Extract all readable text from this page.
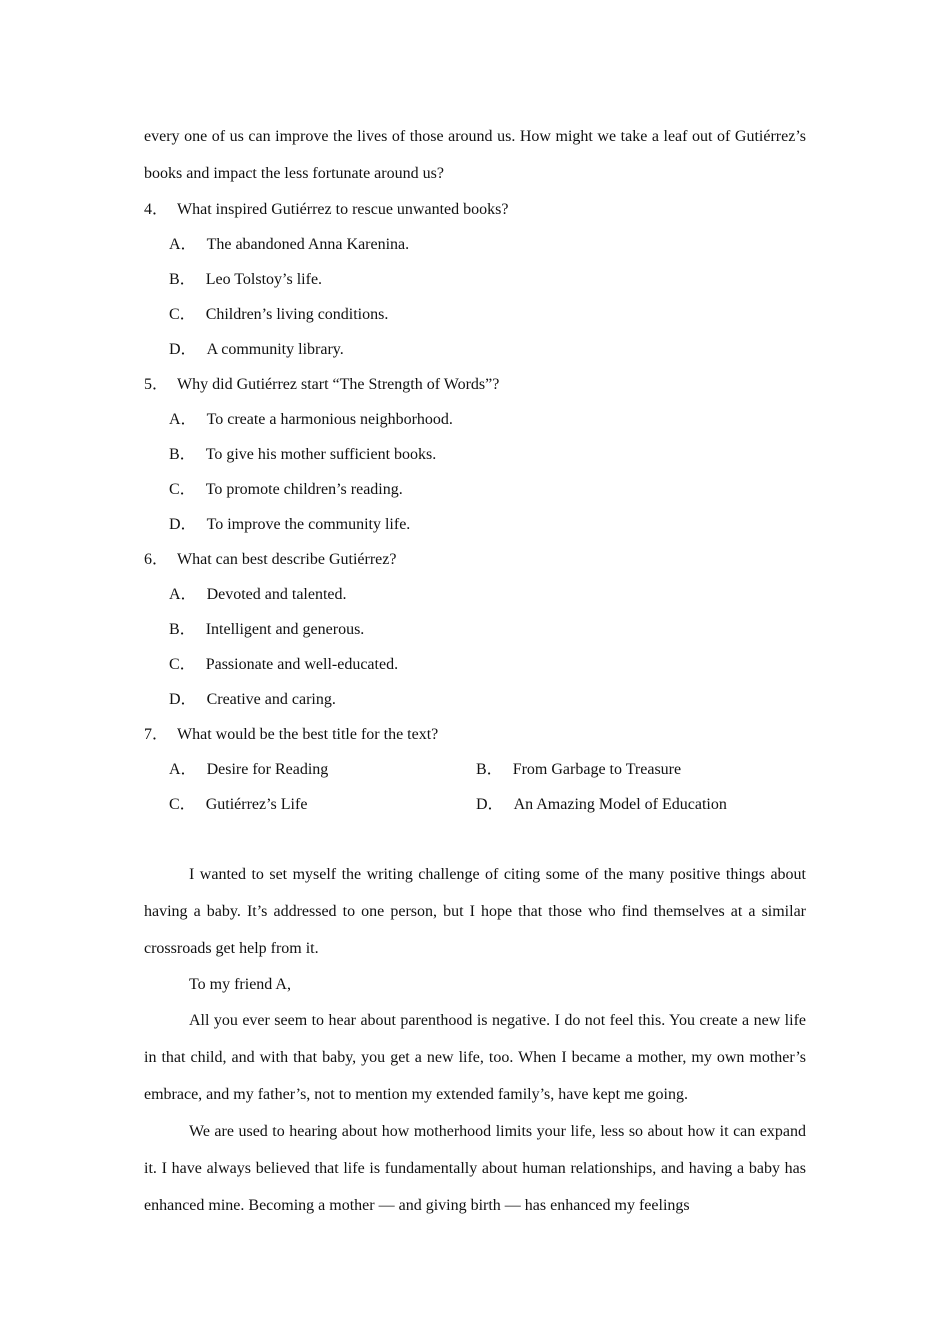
every one of us can improve the lives of those around us. How might we take a leaf out of Gutiérrez’s books and impact the less fortunate around us?

4． What inspired Gutiérrez to rescue unwanted books?

A． The abandoned Anna Karenina.

B． Leo Tolstoy’s life.

C． Children’s living conditions.

D． A community library.

5． Why did Gutiérrez start “The Strength of Words”?

A． To create a harmonious neighborhood.

B． To give his mother sufficient books.

C． To promote children’s reading.

D． To improve the community life.

6． What can best describe Gutiérrez?

A． Devoted and talented.

B． Intelligent and generous.

C． Passionate and well-educated.

D． Creative and caring.

7． What would be the best title for the text?

A． Desire for Reading	B． From Garbage to Treasure
C． Gutiérrez’s Life	D． An Amazing Model of Education

I wanted to set myself the writing challenge of citing some of the many positive things about having a baby. It’s addressed to one person, but I hope that those who find themselves at a similar crossroads get help from it.

To my friend A,

All you ever seem to hear about parenthood is negative. I do not feel this. You create a new life in that child, and with that baby, you get a new life, too. When I became a mother, my own mother’s embrace, and my father’s, not to mention my extended family’s, have kept me going.

We are used to hearing about how motherhood limits your life, less so about how it can expand it. I have always believed that life is fundamentally about human relationships, and having a baby has enhanced mine. Becoming a mother — and giving birth — has enhanced my feelings
